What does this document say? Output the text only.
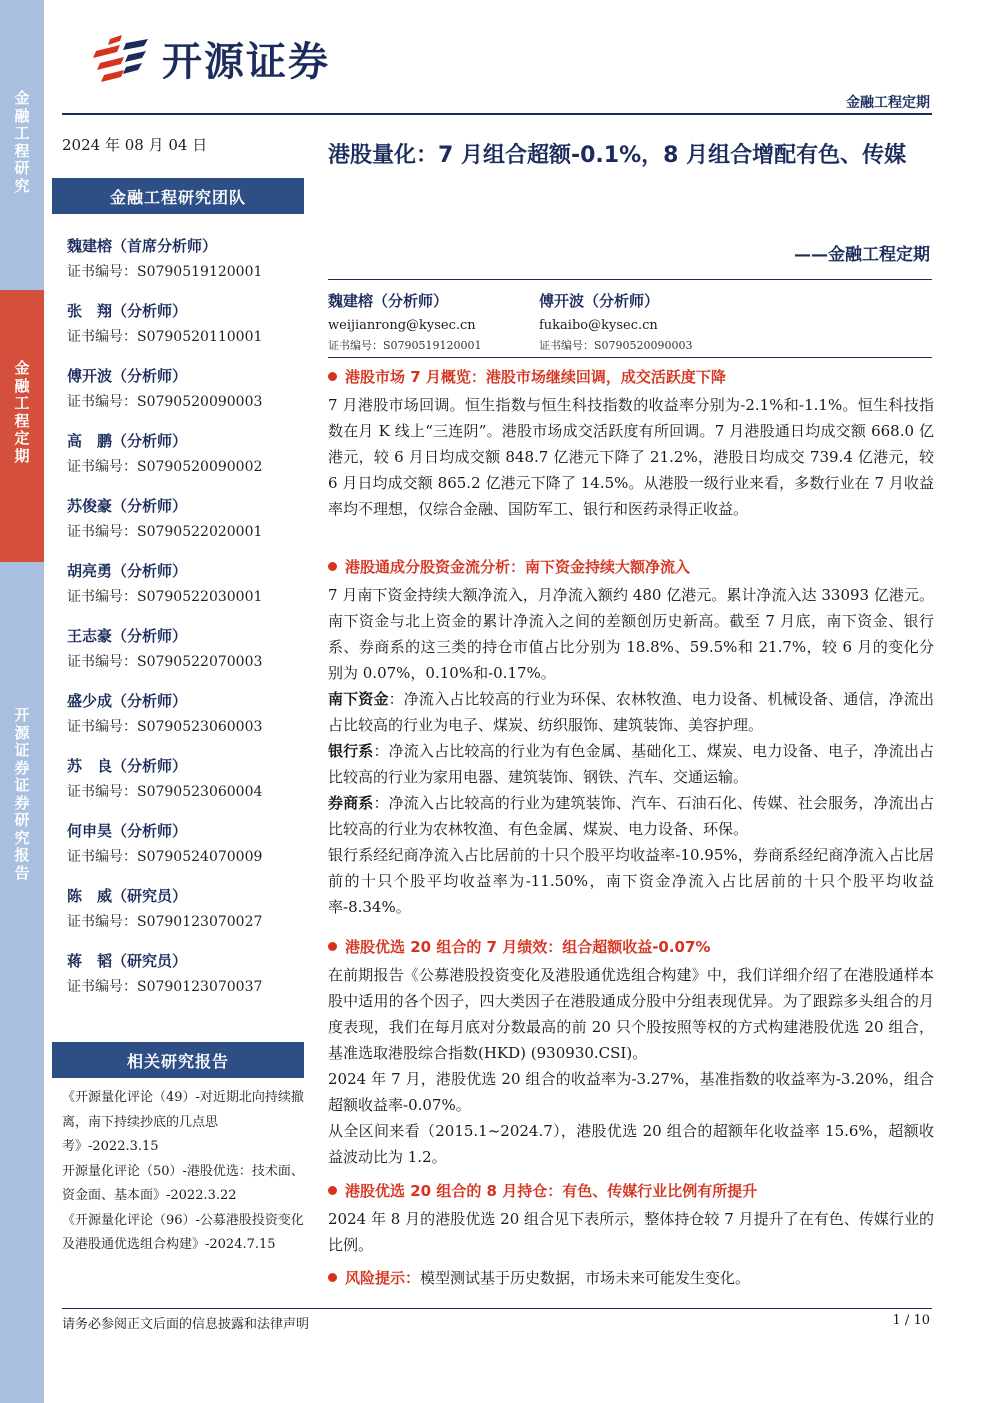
金融工程研究
金融工程定期
开源证券 证券研究报告
开源证券
金融工程定期
2024 年 08 月 04 日
金融工程研究团队
魏建榕（首席分析师）
证书编号：S0790519120001
张　翔（分析师）
证书编号：S0790520110001
傅开波（分析师）
证书编号：S0790520090003
高　鹏（分析师）
证书编号：S0790520090002
苏俊豪（分析师）
证书编号：S0790522020001
胡亮勇（分析师）
证书编号：S0790522030001
王志豪（分析师）
证书编号：S0790522070003
盛少成（分析师）
证书编号：S0790523060003
苏　良（分析师）
证书编号：S0790523060004
何申昊（分析师）
证书编号：S0790524070009
陈　威（研究员）
证书编号：S0790123070027
蒋　韬（研究员）
证书编号：S0790123070037
相关研究报告
《开源量化评论（49）-对近期北向持续撤离，南下持续抄底的几点思考》-2022.3.15
开源量化评论（50）-港股优选：技术面、资金面、基本面》-2022.3.22
《开源量化评论（96）-公募港股投资变化及港股通优选组合构建》-2024.7.15
港股量化：7 月组合超额-0.1%，8 月组合增配有色、传媒
——金融工程定期
魏建榕（分析师）
weijianrong@kysec.cn
证书编号：S0790519120001
傅开波（分析师）
fukaibo@kysec.cn
证书编号：S0790520090003
港股市场 7 月概览：港股市场继续回调，成交活跃度下降

7 月港股市场回调。恒生指数与恒生科技指数的收益率分别为-2.1%和-1.1%。恒生科技指数在月 K 线上“三连阴”。港股市场成交活跃度有所回调。7 月港股通日均成交额 668.0 亿港元，较 6 月日均成交额 848.7 亿港元下降了 21.2%，港股日均成交 739.4 亿港元，较 6 月日均成交额 865.2 亿港元下降了 14.5%。从港股一级行业来看，多数行业在 7 月收益率均不理想，仅综合金融、国防军工、银行和医药录得正收益。

港股通成分股资金流分析：南下资金持续大额净流入

7 月南下资金持续大额净流入，月净流入额约 480 亿港元。累计净流入达 33093 亿港元。南下资金与北上资金的累计净流入之间的差额创历史新高。截至 7 月底，南下资金、银行系、券商系的这三类的持仓市值占比分别为 18.8%、59.5%和 21.7%，较 6 月的变化分别为 0.07%，0.10%和-0.17%。

南下资金：净流入占比较高的行业为环保、农林牧渔、电力设备、机械设备、通信，净流出占比较高的行业为电子、煤炭、纺织服饰、建筑装饰、美容护理。

银行系：净流入占比较高的行业为有色金属、基础化工、煤炭、电力设备、电子，净流出占比较高的行业为家用电器、建筑装饰、钢铁、汽车、交通运输。

券商系：净流入占比较高的行业为建筑装饰、汽车、石油石化、传媒、社会服务，净流出占比较高的行业为农林牧渔、有色金属、煤炭、电力设备、环保。

银行系经纪商净流入占比居前的十只个股平均收益率-10.95%，券商系经纪商净流入占比居前的十只个股平均收益率为-11.50%，南下资金净流入占比居前的十只个股平均收益率-8.34%。

港股优选 20 组合的 7 月绩效：组合超额收益-0.07%

在前期报告《公募港股投资变化及港股通优选组合构建》中，我们详细介绍了在港股通样本股中适用的各个因子，四大类因子在港股通成分股中分组表现优异。为了跟踪多头组合的月度表现，我们在每月底对分数最高的前 20 只个股按照等权的方式构建港股优选 20 组合，基准选取港股综合指数(HKD) (930930.CSI)。

2024 年 7 月，港股优选 20 组合的收益率为-3.27%，基准指数的收益率为-3.20%，组合超额收益率-0.07%。

从全区间来看（2015.1~2024.7），港股优选 20 组合的超额年化收益率 15.6%，超额收益波动比为 1.2。

港股优选 20 组合的 8 月持仓：有色、传媒行业比例有所提升

2024 年 8 月的港股优选 20 组合见下表所示，整体持仓较 7 月提升了在有色、传媒行业的比例。

风险提示：模型测试基于历史数据，市场未来可能发生变化。

请务必参阅正文后面的信息披露和法律声明	1 / 10
